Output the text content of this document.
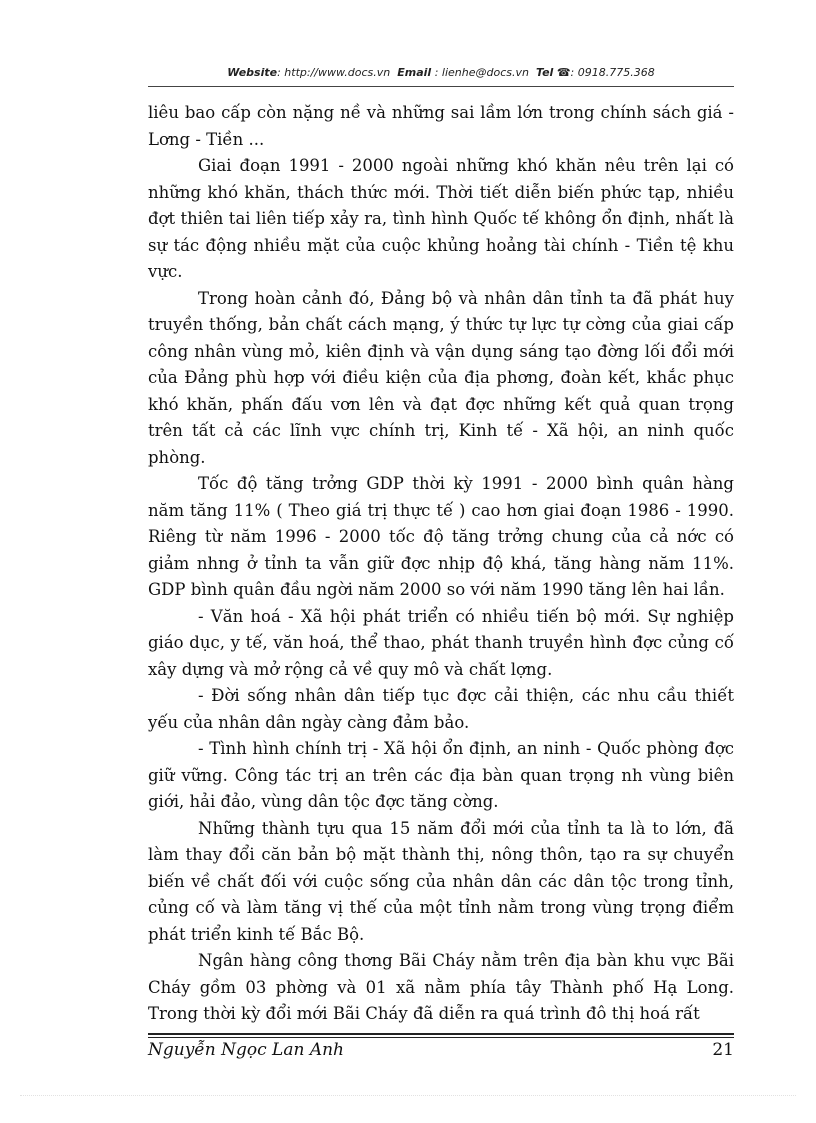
Website: http://www.docs.vn Email : lienhe@docs.vn Tel ☎: 0918.775.368

liêu bao cấp còn nặng nề và những sai lầm lớn trong chính sách giá - Lơng - Tiền ...

Giai đoạn 1991 - 2000 ngoài những khó khăn nêu trên lại có những khó khăn, thách thức mới. Thời tiết diễn biến phức tạp, nhiều đợt thiên tai liên tiếp xảy ra, tình hình Quốc tế không ổn định, nhất là sự tác động nhiều mặt của cuộc khủng hoảng tài chính - Tiền tệ khu vực.

Trong hoàn cảnh đó, Đảng bộ và nhân dân tỉnh ta đã phát huy truyền thống, bản chất cách mạng, ý thức tự lực tự cờng của giai cấp công nhân vùng mỏ, kiên định và vận dụng sáng tạo đờng lối đổi mới của Đảng phù hợp với điều kiện của địa phơng, đoàn kết, khắc phục khó khăn, phấn đấu vơn lên và đạt đợc những kết quả quan trọng trên tất cả các lĩnh vực chính trị, Kinh tế - Xã hội, an ninh quốc phòng.

Tốc độ tăng trởng GDP thời kỳ 1991 - 2000 bình quân hàng năm tăng 11% ( Theo giá trị thực tế ) cao hơn giai đoạn 1986 - 1990. Riêng từ năm 1996 - 2000 tốc độ tăng trởng chung của cả nớc có giảm nhng ở tỉnh ta vẫn giữ đợc nhịp độ khá, tăng hàng năm 11%. GDP bình quân đầu ngời năm 2000 so với năm 1990 tăng lên hai lần.

- Văn hoá - Xã hội phát triển có nhiều tiến bộ mới. Sự nghiệp giáo dục, y tế, văn hoá, thể thao, phát thanh truyền hình đợc củng cố xây dựng và mở rộng cả về quy mô và chất lợng.

- Đời sống nhân dân tiếp tục đợc cải thiện, các nhu cầu thiết yếu của nhân dân ngày càng đảm bảo.

- Tình hình chính trị - Xã hội ổn định, an ninh - Quốc phòng đợc giữ vững. Công tác trị an trên các địa bàn quan trọng nh vùng biên giới, hải đảo, vùng dân tộc đợc tăng cờng.

Những thành tựu qua 15 năm đổi mới của tỉnh ta là to lớn, đã làm thay đổi căn bản bộ mặt thành thị, nông thôn, tạo ra sự chuyển biến về chất đối với cuộc sống của nhân dân các dân tộc trong tỉnh, củng cố và làm tăng vị thế của một tỉnh nằm trong vùng trọng điểm phát triển kinh tế Bắc Bộ.

Ngân hàng công thơng Bãi Cháy nằm trên địa bàn khu vực Bãi Cháy gồm 03 phờng và 01 xã nằm phía tây Thành phố Hạ Long. Trong thời kỳ đổi mới Bãi Cháy đã diễn ra quá trình đô thị hoá rất

Nguyễn Ngọc Lan Anh	21
